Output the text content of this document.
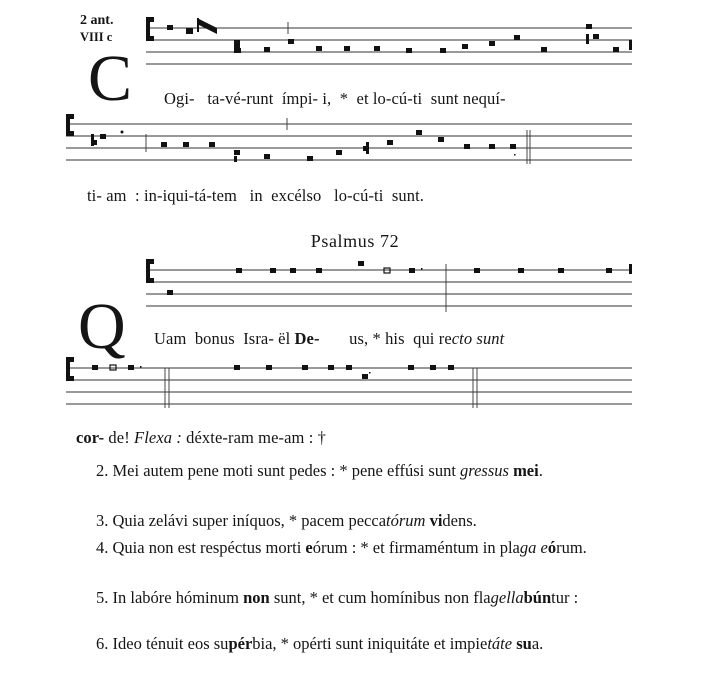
2 ant.
VIII c
C Ogi- ta-vé-runt ímpi- i, * et lo-cú-ti sunt nequí-
ti- am : in-iqui-tá-tem in excélso lo-cú-ti sunt.
Psalmus 72
Q Uam bonus Isra- ël De- us, * his qui recto sunt
cor- de! Flexa : déxte-ram me-am : †
2. Mei autem pene moti sunt pedes : * pene effúsi sunt gressus mei.
3. Quia zelávi super iníquos, * pacem peccatórum videns.
4. Quia non est respéctus morti eórum : * et firmaméntum in plaga eórum.
5. In labóre hóminum non sunt, * et cum homínibus non flagellabúntur :
6. Ideo ténuit eos supérbia, * opérti sunt iniquitáte et impietáte sua.
